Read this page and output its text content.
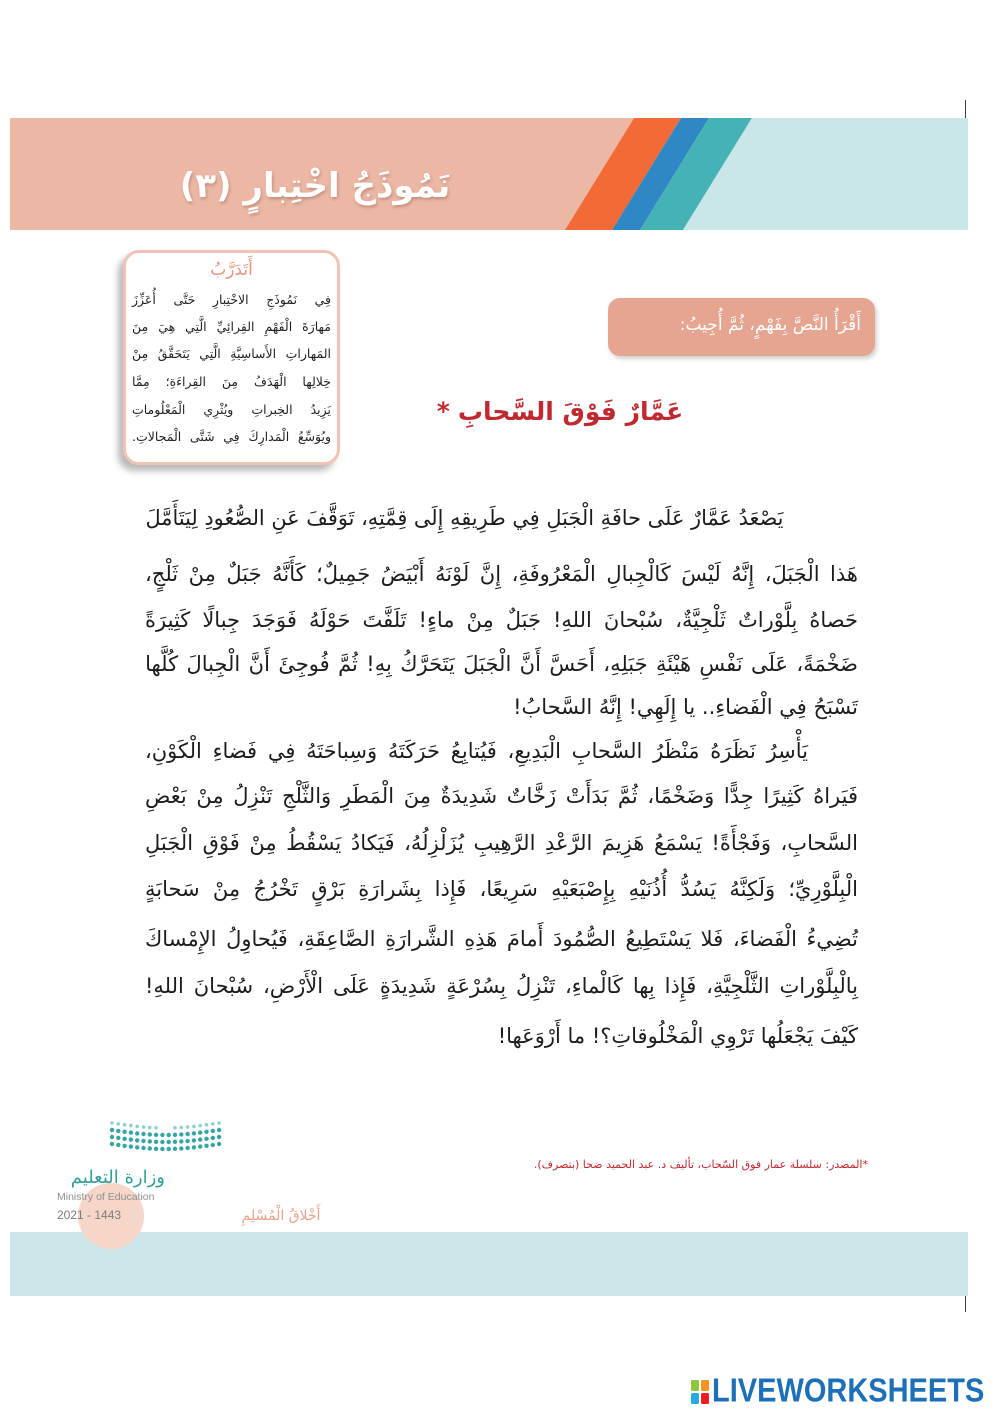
نَمُوذَجُ اخْتِبارٍ (٣)
أَتَدَرَّبُ
فِي نَمُوذَجِ الاخْتِبارِ حَتَّى أُعَزِّزَ
مَهارَةَ الْفَهْمِ القِرائِيِّ الَّتِي هِيَ مِنَ
المَهاراتِ الأَساسِيَّةِ الَّتِي يَتَحَقَّقُ مِنْ
خِلالِها الْهَدَفُ مِنَ القِراءَةِ؛ مِمَّا
يَزِيدُ الخِبراتِ ويُثْرِي الْمَعْلُوماتِ
ويُوَسِّعُ الْمَدارِكَ فِي شَتَّى الْمَجالاتِ.
أَقْرَأُ النَّصَّ بِفَهْمٍ، ثُمَّ أُجِيبُ:
عَمَّارٌ فَوْقَ السَّحابِ*
يَصْعَدُ عَمَّارٌ عَلَى حافَةِ الْجَبَلِ فِي طَرِيقِهِ إِلَى قِمَّتِهِ، تَوَقَّفَ عَنِ الصُّعُودِ لِيَتَأَمَّلَ
هَذا الْجَبَلَ، إِنَّهُ لَيْسَ كَالْجِبالِ الْمَعْرُوفَةِ، إِنَّ لَوْنَهُ أَبْيَضُ جَمِيلٌ؛ كَأَنَّهُ جَبَلٌ مِنْ ثَلْجٍ،
حَصاهُ بِلَّوْراتٌ ثَلْجِيَّةٌ، سُبْحانَ اللهِ! جَبَلٌ مِنْ ماءٍ! تَلَفَّتَ حَوْلَهُ فَوَجَدَ جِبالًا كَثِيرَةً
ضَخْمَةً، عَلَى نَفْسِ هَيْئَةِ جَبَلِهِ، أَحَسَّ أَنَّ الْجَبَلَ يَتَحَرَّكُ بِهِ! ثُمَّ فُوجِئَ أَنَّ الْجِبالَ كُلَّها
تَسْبَحُ فِي الْفَضاءِ.. يا إِلَهِي! إِنَّهُ السَّحابُ!
يَأْسِرُ نَظَرَهُ مَنْظَرُ السَّحابِ الْبَدِيعِ، فَيُتابِعُ حَرَكَتَهُ وَسِباحَتَهُ فِي فَضاءِ الْكَوْنِ،
فَيَراهُ كَثِيرًا جِدًّا وَضَخْمًا، ثُمَّ بَدَأَتْ زَخَّاتٌ شَدِيدَةٌ مِنَ الْمَطَرِ وَالثَّلْجِ تَنْزِلُ مِنْ بَعْضِ
السَّحابِ، وَفَجْأَةً! يَسْمَعُ هَزِيمَ الرَّعْدِ الرَّهِيبِ يُزَلْزِلُهُ، فَيَكادُ يَسْقُطُ مِنْ فَوْقِ الْجَبَلِ
الْبِلَّوْرِيِّ؛ وَلَكِنَّهُ يَسُدُّ أُذُنَيْهِ بِإِصْبَعَيْهِ سَرِيعًا، فَإِذا بِشَرارَةِ بَرْقٍ تَخْرُجُ مِنْ سَحابَةٍ
تُضِيءُ الْفَضاءَ، فَلا يَسْتَطِيعُ الصُّمُودَ أَمامَ هَذِهِ الشَّرارَةِ الصَّاعِقَةِ، فَيُحاوِلُ الإِمْساكَ
بِالْبِلَّوْراتِ الثَّلْجِيَّةِ، فَإِذا بِها كَالْماءِ، تَنْزِلُ بِسُرْعَةٍ شَدِيدَةٍ عَلَى الْأَرْضِ، سُبْحانَ اللهِ!
كَيْفَ يَجْعَلُها تَرْوِي الْمَخْلُوقاتِ؟! ما أَرْوَعَها!
*المصدر: سلسلة عمار فوق السّحاب، تأليف د. عبد الحميد ضحا (بتصرف).
وزارة التعليم
Ministry of Education
2021 - 1443	أَخْلاقُ الْمُسْلِمِ
LIVEWORKSHEETS
